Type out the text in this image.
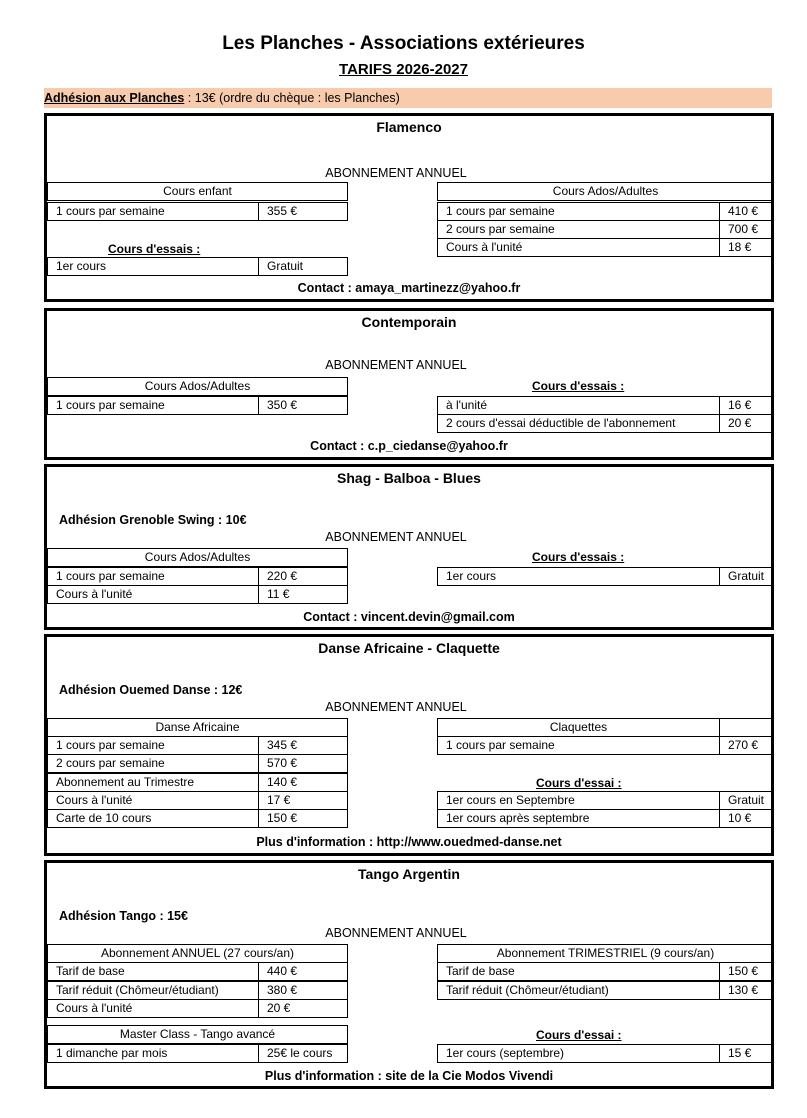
Les Planches - Associations extérieures
TARIFS 2026-2027
Adhésion aux Planches : 13€ (ordre du chèque : les Planches)
Flamenco
ABONNEMENT ANNUEL
Cours enfant
1 cours par semaine	355 €
Cours d'essais :
1er cours	Gratuit
Cours Ados/Adultes
1 cours par semaine	410 €
2 cours par semaine	700 €
Cours à l'unité	18 €
Contact : amaya_martinezz@yahoo.fr
Contemporain
ABONNEMENT ANNUEL
Cours Ados/Adultes
1 cours par semaine	350 €
Cours d'essais :
à l'unité	16 €
2 cours d'essai déductible de l'abonnement	20 €
Contact : c.p_ciedanse@yahoo.fr
Shag - Balboa - Blues
Adhésion Grenoble Swing : 10€
ABONNEMENT ANNUEL
Cours Ados/Adultes
1 cours par semaine	220 €
Cours à l'unité	11 €
Cours d'essais :
1er cours	Gratuit
Contact : vincent.devin@gmail.com
Danse Africaine - Claquette
Adhésion Ouemed Danse : 12€
ABONNEMENT ANNUEL
Danse Africaine
1 cours par semaine	345 €
2 cours par semaine	570 €
Abonnement au Trimestre	140 €
Cours à l'unité	17 €
Carte de 10 cours	150 €
Claquettes
1 cours par semaine	270 €
Cours d'essai :
1er cours en Septembre	Gratuit
1er cours après septembre	10 €
Plus d'information : http://www.ouedmed-danse.net
Tango Argentin
Adhésion Tango : 15€
ABONNEMENT ANNUEL
Abonnement ANNUEL (27 cours/an)
Tarif de base	440 €
Tarif réduit (Chômeur/étudiant)	380 €
Cours à l'unité	20 €
Abonnement TRIMESTRIEL (9 cours/an)
Tarif de base	150 €
Tarif réduit (Chômeur/étudiant)	130 €
Master Class - Tango avancé
1 dimanche par mois	25€ le cours
Cours d'essai :
1er cours (septembre)	15 €
Plus d'information : site de la Cie Modos Vivendi
